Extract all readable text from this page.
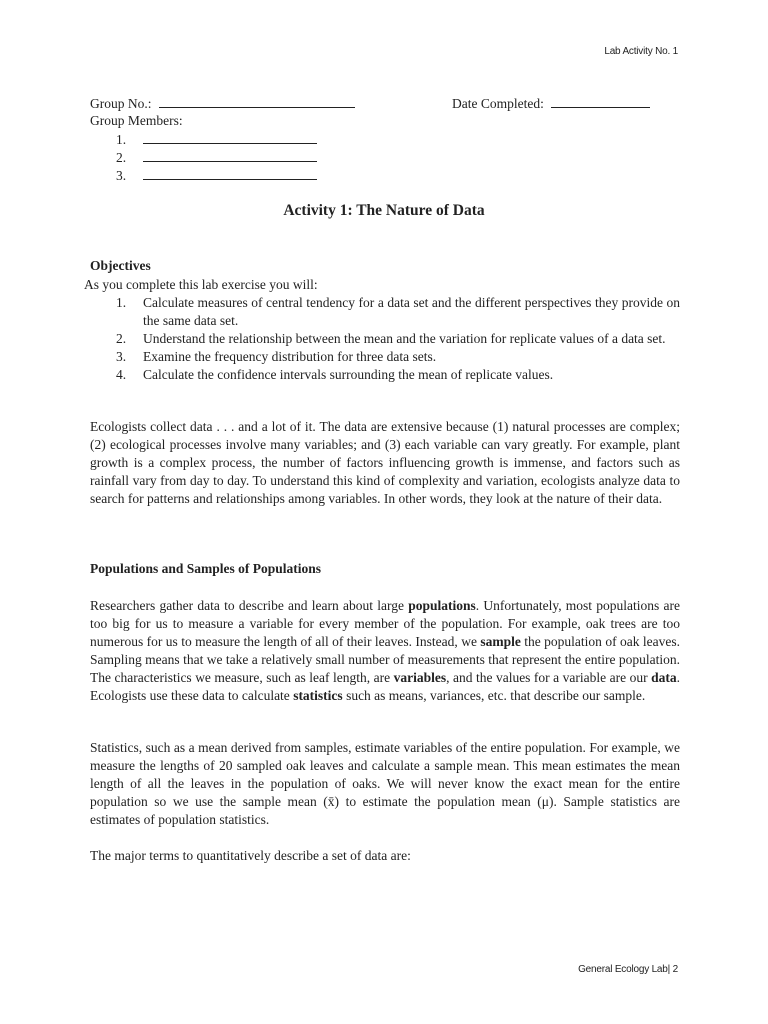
Lab Activity No. 1
Group No.:	Date Completed:
Group Members:
1.
2.
3.
Activity 1: The Nature of Data
Objectives
As you complete this lab exercise you will:
1.	Calculate measures of central tendency for a data set and the different perspectives they provide on the same data set.
2.	Understand the relationship between the mean and the variation for replicate values of a data set.
3.	Examine the frequency distribution for three data sets.
4.	Calculate the confidence intervals surrounding the mean of replicate values.
Ecologists collect data . . . and a lot of it. The data are extensive because (1) natural processes are complex; (2) ecological processes involve many variables; and (3) each variable can vary greatly. For example, plant growth is a complex process, the number of factors influencing growth is immense, and factors such as rainfall vary from day to day. To understand this kind of complexity and variation, ecologists analyze data to search for patterns and relationships among variables. In other words, they look at the nature of their data.
Populations and Samples of Populations
Researchers gather data to describe and learn about large populations. Unfortunately, most populations are too big for us to measure a variable for every member of the population. For example, oak trees are too numerous for us to measure the length of all of their leaves. Instead, we sample the population of oak leaves. Sampling means that we take a relatively small number of measurements that represent the entire population. The characteristics we measure, such as leaf length, are variables, and the values for a variable are our data. Ecologists use these data to calculate statistics such as means, variances, etc. that describe our sample.
Statistics, such as a mean derived from samples, estimate variables of the entire population. For example, we measure the lengths of 20 sampled oak leaves and calculate a sample mean. This mean estimates the mean length of all the leaves in the population of oaks. We will never know the exact mean for the entire population so we use the sample mean (x̄) to estimate the population mean (μ). Sample statistics are estimates of population statistics.
The major terms to quantitatively describe a set of data are:
General Ecology Lab| 2
